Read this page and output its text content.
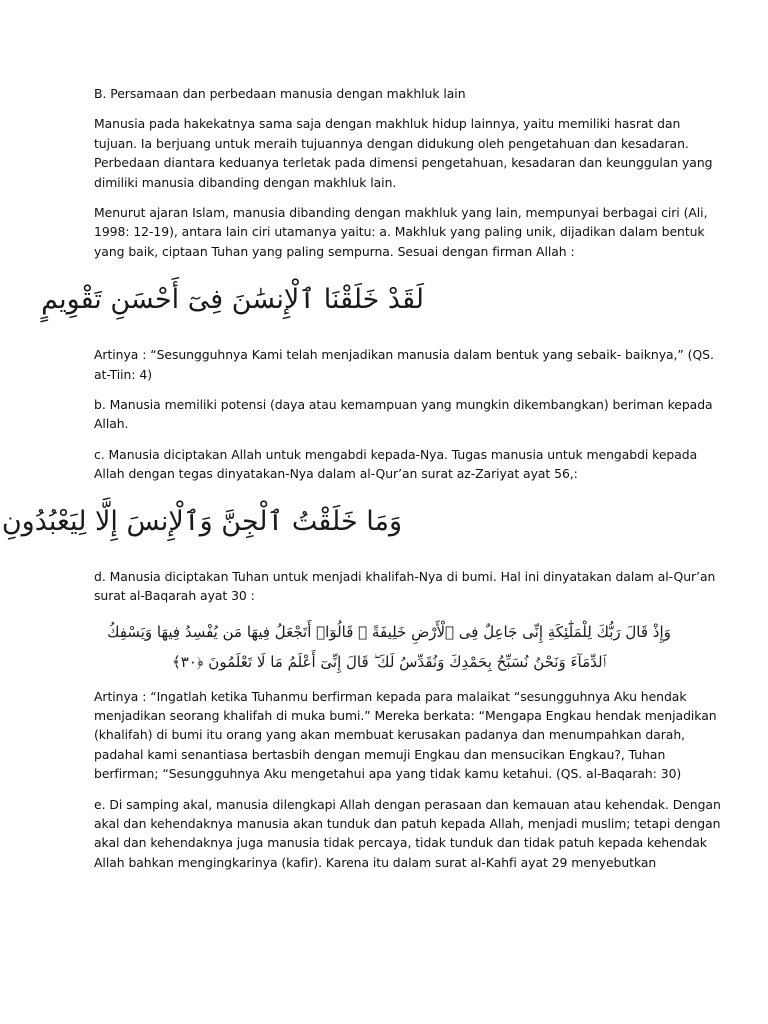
B. Persamaan dan perbedaan manusia dengan makhluk lain

Manusia pada hakekatnya sama saja dengan makhluk hidup lainnya, yaitu memiliki hasrat dan
tujuan. Ia berjuang untuk meraih tujuannya dengan didukung oleh pengetahuan dan kesadaran.
Perbedaan diantara keduanya terletak pada dimensi pengetahuan, kesadaran dan keunggulan yang
dimiliki manusia dibanding dengan makhluk lain.

Menurut ajaran Islam, manusia dibanding dengan makhluk yang lain, mempunyai berbagai ciri (Ali,
1998: 12-19), antara lain ciri utamanya yaitu: a. Makhluk yang paling unik, dijadikan dalam bentuk
yang baik, ciptaan Tuhan yang paling sempurna. Sesuai dengan firman Allah :

لَقَدْ خَلَقْنَا ٱلْإِنسَٰنَ فِىٓ أَحْسَنِ تَقْوِيمٍ

Artinya : “Sesungguhnya Kami telah menjadikan manusia dalam bentuk yang sebaik- baiknya,” (QS.
at-Tiin: 4)

b. Manusia memiliki potensi (daya atau kemampuan yang mungkin dikembangkan) beriman kepada
Allah.

c. Manusia diciptakan Allah untuk mengabdi kepada-Nya. Tugas manusia untuk mengabdi kepada
Allah dengan tegas dinyatakan-Nya dalam al-Qur’an surat az-Zariyat ayat 56,:

وَمَا خَلَقْتُ ٱلْجِنَّ وَٱلْإِنسَ إِلَّا لِيَعْبُدُونِ

d. Manusia diciptakan Tuhan untuk menjadi khalifah-Nya di bumi. Hal ini dinyatakan dalam al-Qur’an
surat al-Baqarah ayat 30 :

وَإِذْ قَالَ رَبُّكَ لِلْمَلَٰٓئِكَةِ إِنِّى جَاعِلٌ فِى ٱلْأَرْضِ خَلِيفَةً ۖ قَالُوٓا۟ أَتَجْعَلُ فِيهَا مَن يُفْسِدُ فِيهَا وَيَسْفِكُ
ٱلدِّمَآءَ وَنَحْنُ نُسَبِّحُ بِحَمْدِكَ وَنُقَدِّسُ لَكَ ۖ قَالَ إِنِّىٓ أَعْلَمُ مَا لَا تَعْلَمُونَ ﴿٣٠﴾

Artinya : “Ingatlah ketika Tuhanmu berfirman kepada para malaikat “sesungguhnya Aku hendak
menjadikan seorang khalifah di muka bumi.” Mereka berkata: “Mengapa Engkau hendak menjadikan
(khalifah) di bumi itu orang yang akan membuat kerusakan padanya dan menumpahkan darah,
padahal kami senantiasa bertasbih dengan memuji Engkau dan mensucikan Engkau?, Tuhan
berfirman; “Sesungguhnya Aku mengetahui apa yang tidak kamu ketahui. (QS. al-Baqarah: 30)

e. Di samping akal, manusia dilengkapi Allah dengan perasaan dan kemauan atau kehendak. Dengan
akal dan kehendaknya manusia akan tunduk dan patuh kepada Allah, menjadi muslim; tetapi dengan
akal dan kehendaknya juga manusia tidak percaya, tidak tunduk dan tidak patuh kepada kehendak
Allah bahkan mengingkarinya (kafir). Karena itu dalam surat al-Kahfi ayat 29 menyebutkan
